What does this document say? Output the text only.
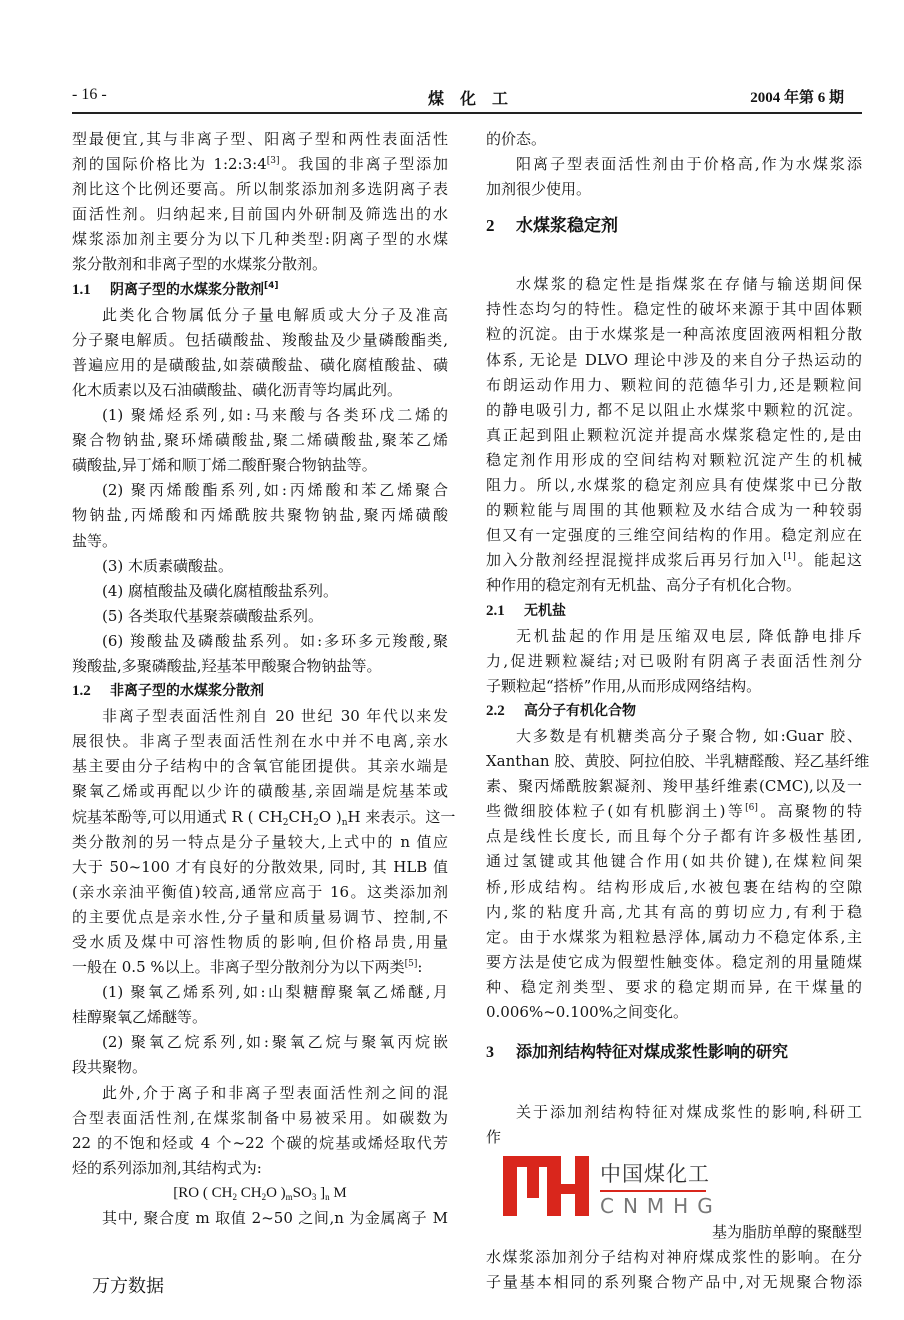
- 16 -	煤化工	2004 年第 6 期
型最便宜,其与非离子型、阳离子型和两性表面活性
剂的国际价格比为 1:2:3:4[3]。我国的非离子型添加
剂比这个比例还要高。所以制浆添加剂多选阴离子表
面活性剂。归纳起来,目前国内外研制及筛选出的水
煤浆添加剂主要分为以下几种类型:阴离子型的水煤
浆分散剂和非离子型的水煤浆分散剂。
1.1 阴离子型的水煤浆分散剂[4]
此类化合物属低分子量电解质或大分子及准高
分子聚电解质。包括磺酸盐、羧酸盐及少量磷酸酯类,
普遍应用的是磺酸盐,如萘磺酸盐、磺化腐植酸盐、磺
化木质素以及石油磺酸盐、磺化沥青等均属此列。
(1) 聚烯烃系列,如:马来酸与各类环戊二烯的
聚合物钠盐,聚环烯磺酸盐,聚二烯磺酸盐,聚苯乙烯
磺酸盐,异丁烯和顺丁烯二酸酐聚合物钠盐等。
(2) 聚丙烯酸酯系列,如:丙烯酸和苯乙烯聚合
物钠盐,丙烯酸和丙烯酰胺共聚物钠盐,聚丙烯磺酸
盐等。
(3) 木质素磺酸盐。
(4) 腐植酸盐及磺化腐植酸盐系列。
(5) 各类取代基聚萘磺酸盐系列。
(6) 羧酸盐及磷酸盐系列。如:多环多元羧酸,聚
羧酸盐,多聚磷酸盐,羟基苯甲酸聚合物钠盐等。
1.2 非离子型的水煤浆分散剂
非离子型表面活性剂自 20 世纪 30 年代以来发
展很快。非离子型表面活性剂在水中并不电离,亲水
基主要由分子结构中的含氧官能团提供。其亲水端是
聚氧乙烯或再配以少许的磺酸基,亲固端是烷基苯或
烷基苯酚等,可以用通式 R ( $CH_2CH_2O$ )$_nH$ 来表示。这一
类分散剂的另一特点是分子量较大,上式中的 n 值应
大于 50~100 才有良好的分散效果, 同时, 其 HLB 值
(亲水亲油平衡值)较高,通常应高于 16。这类添加剂
的主要优点是亲水性,分子量和质量易调节、控制,不
受水质及煤中可溶性物质的影响,但价格昂贵,用量
一般在 0.5 %以上。非离子型分散剂分为以下两类[5]:
(1) 聚氧乙烯系列,如:山梨糖醇聚氧乙烯醚,月
桂醇聚氧乙烯醚等。
(2) 聚氧乙烷系列,如:聚氧乙烷与聚氧丙烷嵌
段共聚物。
此外,介于离子和非离子型表面活性剂之间的混
合型表面活性剂,在煤浆制备中易被采用。如碳数为
22 的不饱和烃或 4 个~22 个碳的烷基或烯烃取代芳
烃的系列添加剂,其结构式为:
[RO ( $CH_2$ $CH_2O$ )$_mSO_3$ ]$_n$ M
其中, 聚合度 m 取值 2~50 之间,n 为金属离子 M
的价态。
阳离子型表面活性剂由于价格高,作为水煤浆添
加剂很少使用。
2 水煤浆稳定剂
水煤浆的稳定性是指煤浆在存储与输送期间保
持性态均匀的特性。稳定性的破坏来源于其中固体颗
粒的沉淀。由于水煤浆是一种高浓度固液两相粗分散
体系, 无论是 DLVO 理论中涉及的来自分子热运动的
布朗运动作用力、颗粒间的范德华引力,还是颗粒间
的静电吸引力, 都不足以阻止水煤浆中颗粒的沉淀。
真正起到阻止颗粒沉淀并提高水煤浆稳定性的,是由
稳定剂作用形成的空间结构对颗粒沉淀产生的机械
阻力。所以,水煤浆的稳定剂应具有使煤浆中已分散
的颗粒能与周围的其他颗粒及水结合成为一种较弱
但又有一定强度的三维空间结构的作用。稳定剂应在
加入分散剂经捏混搅拌成浆后再另行加入[1]。能起这
种作用的稳定剂有无机盐、高分子有机化合物。
2.1 无机盐
无机盐起的作用是压缩双电层, 降低静电排斥
力,促进颗粒凝结;对已吸附有阴离子表面活性剂分
子颗粒起“搭桥”作用,从而形成网络结构。
2.2 高分子有机化合物
大多数是有机糖类高分子聚合物, 如:Guar 胶、
Xanthan 胶、黄胶、阿拉伯胶、半乳糖醛酸、羟乙基纤维
素、聚丙烯酰胺絮凝剂、羧甲基纤维素(CMC),以及一
些微细胶体粒子(如有机膨润土)等[6]。高聚物的特
点是线性长度长, 而且每个分子都有许多极性基团,
通过氢键或其他键合作用(如共价键),在煤粒间架
桥,形成结构。结构形成后,水被包裹在结构的空隙
内,浆的粘度升高,尤其有高的剪切应力,有利于稳
定。由于水煤浆为粗粒悬浮体,属动力不稳定体系,主
要方法是使它成为假塑性触变体。稳定剂的用量随煤
种、稳定剂类型、要求的稳定期而异, 在干煤量的
0.006%~0.100%之间变化。
3 添加剂结构特征对煤成浆性影响的研究
关于添加剂结构特征对煤成浆性的影响,科研工
作
基为脂肪单醇的聚醚型
水煤浆添加剂分子结构对神府煤成浆性的影响。在分
子量基本相同的系列聚合物产品中,对无规聚合物添
中国煤化工
CNMHG
万方数据
